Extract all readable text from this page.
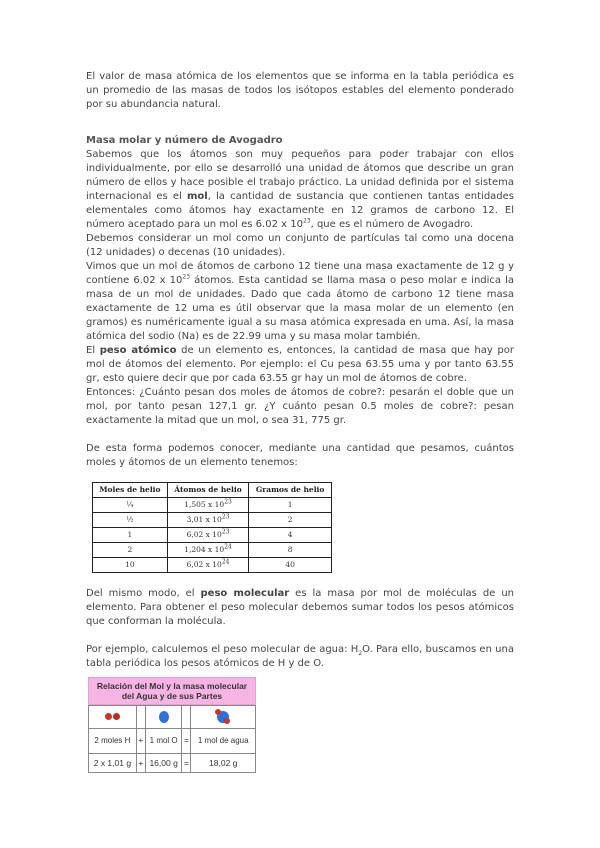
El valor de masa atómica de los elementos que se informa en la tabla periódica es un promedio de las masas de todos los isótopos estables del elemento ponderado por su abundancia natural.

Masa molar y número de Avogadro

Sabemos que los átomos son muy pequeños para poder trabajar con ellos individualmente, por ello se desarrolló una unidad de átomos que describe un gran número de ellos y hace posible el trabajo práctico. La unidad definida por el sistema internacional es el mol, la cantidad de sustancia que contienen tantas entidades elementales como átomos hay exactamente en 12 gramos de carbono 12. El número aceptado para un mol es 6.02 x $10^{23}$, que es el número de Avogadro.

Debemos considerar un mol como un conjunto de partículas tal como una docena (12 unidades) o decenas (10 unidades).

Vimos que un mol de átomos de carbono 12 tiene una masa exactamente de 12 g y contiene 6.02 x $10^{23}$ átomos. Esta cantidad se llama masa o peso molar e indica la masa de un mol de unidades. Dado que cada átomo de carbono 12 tiene masa exactamente de 12 uma es útil observar que la masa molar de un elemento (en gramos) es numéricamente igual a su masa atómica expresada en uma. Así, la masa atómica del sodio (Na) es de 22.99 uma y su masa molar también.

El peso atómico de un elemento es, entonces, la cantidad de masa que hay por mol de átomos del elemento. Por ejemplo: el Cu pesa 63.55 uma y por tanto 63.55 gr, esto quiere decir que por cada 63.55 gr hay un mol de átomos de cobre.

Entonces: ¿Cuánto pesan dos moles de átomos de cobre?: pesarán el doble que un mol, por tanto pesan 127,1 gr. ¿Y cuánto pesan 0.5 moles de cobre?: pesan exactamente la mitad que un mol, o sea 31, 775 gr.

De esta forma podemos conocer, mediante una cantidad que pesamos, cuántos moles y átomos de un elemento tenemos:

Moles de helio	Átomos de helio	Gramos de helio
¼	1,505 x $10^{23}$	1
½	3,01 x $10^{23}$	2
1	6,02 x $10^{23}$	4
2	1,204 x $10^{24}$	8
10	6,02 x $10^{24}$	40

Del mismo modo, el peso molecular es la masa por mol de moléculas de un elemento. Para obtener el peso molecular debemos sumar todos los pesos atómicos que conforman la molécula.

Por ejemplo, calculemos el peso molecular de agua: $H_2O$. Para ello, buscamos en una tabla periódica los pesos atómicos de H y de O.

Relación del Mol y la masa molecular del Agua y de sus Partes

2 moles H	+	1 mol O	=	1 mol de agua
2 x 1,01 g	+	16,00 g	=	18,02 g
